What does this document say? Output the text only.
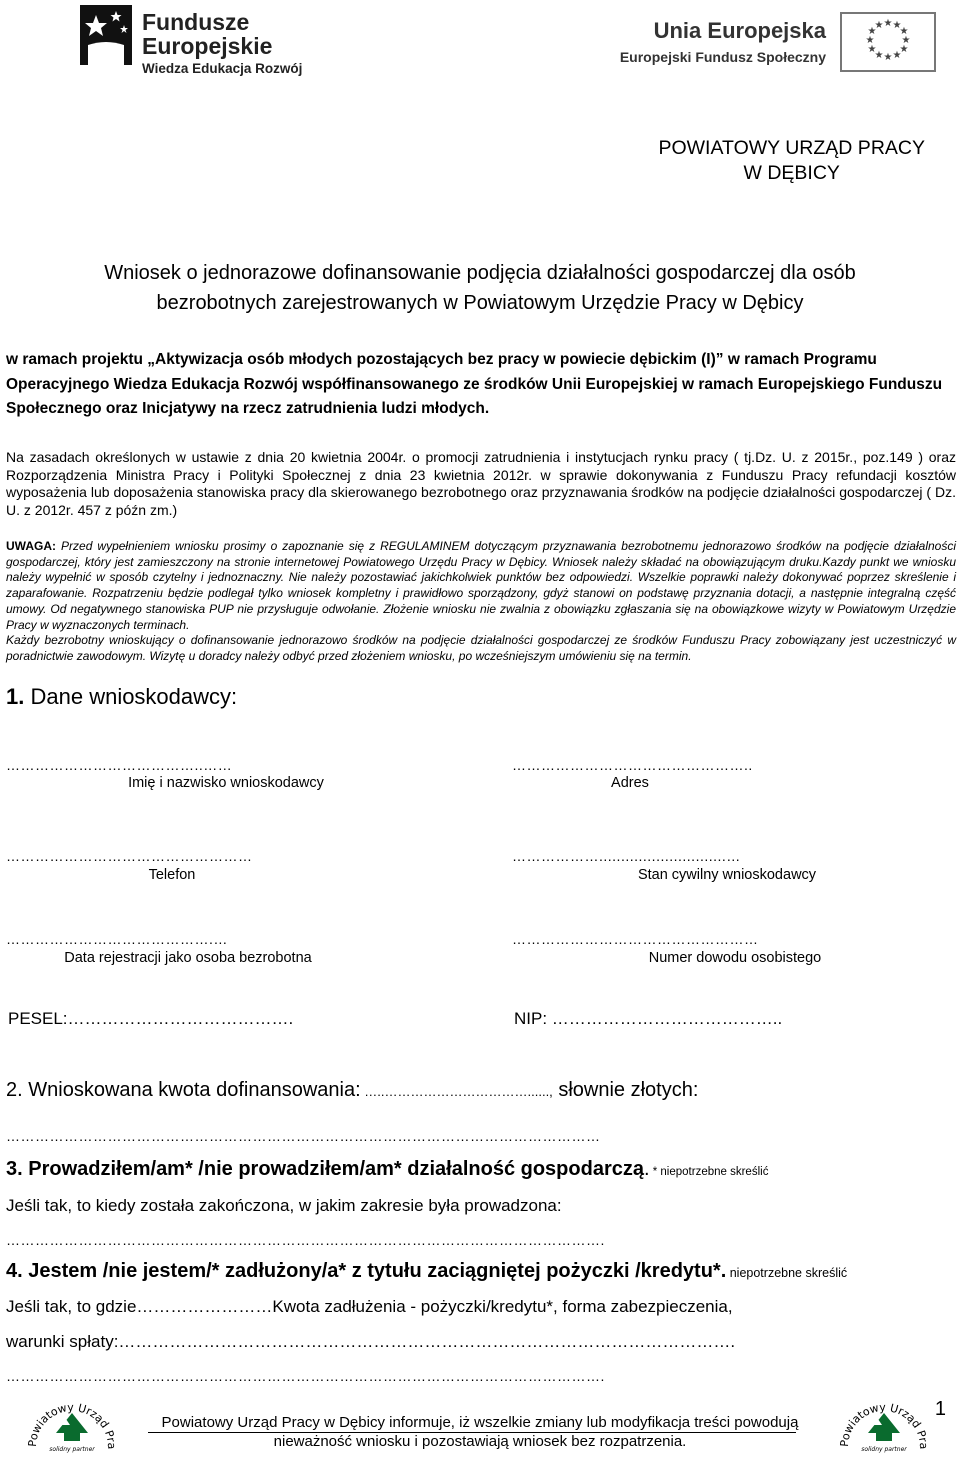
Fundusze
Europejskie
Wiedza Edukacja Rozwój
Unia Europejska
Europejski Fundusz Społeczny
★ ★
★
★
★
★
★
★
★
★
★
★
POWIATOWY URZĄD PRACY
W DĘBICY
Wniosek o jednorazowe dofinansowanie podjęcia działalności gospodarczej dla osób
bezrobotnych zarejestrowanych w Powiatowym Urzędzie Pracy w Dębicy
w ramach projektu „Aktywizacja osób młodych pozostających bez pracy w powiecie dębickim (I)” w ramach Programu Operacyjnego Wiedza Edukacja Rozwój współfinansowanego ze środków Unii Europejskiej w ramach Europejskiego Funduszu Społecznego oraz Inicjatywy na rzecz zatrudnienia ludzi młodych.
Na zasadach określonych w ustawie z dnia 20 kwietnia 2004r. o promocji zatrudnienia i instytucjach rynku pracy ( tj.Dz. U. z 2015r., poz.149 ) oraz Rozporządzenia Ministra Pracy i Polityki Społecznej z dnia 23 kwietnia 2012r. w sprawie dokonywania z Funduszu Pracy refundacji kosztów wyposażenia lub doposażenia stanowiska pracy dla skierowanego bezrobotnego oraz przyznawania środków na podjęcie działalności gospodarczej ( Dz. U. z 2012r. 457 z późn zm.)
UWAGA: Przed wypełnieniem wniosku prosimy o zapoznanie się z REGULAMINEM dotyczącym przyznawania bezrobotnemu jednorazowo środków na podjęcie działalności gospodarczej, który jest zamieszczony na stronie internetowej Powiatowego Urzędu Pracy w Dębicy. Wniosek należy składać na obowiązującym druku.Kazdy punkt we wniosku należy wypełnić w sposób czytelny i jednoznaczny. Nie należy pozostawiać jakichkolwiek punktów bez odpowiedzi. Wszelkie poprawki należy dokonywać poprzez skreślenie i zaparafowanie. Rozpatrzeniu będzie podlegał tylko wniosek kompletny i prawidłowo sporządzony, gdyż stanowi on podstawę przyznania dotacji, a następnie integralną część umowy. Od negatywnego stanowiska PUP nie przysługuje odwołanie. Złożenie wniosku nie zwalnia z obowiązku zgłaszania się na obowiązkowe wizyty w Powiatowym Urzędzie Pracy w wyznaczonych terminach.
Każdy bezrobotny wnioskujący o dofinansowanie jednorazowo środków na podjęcie działalności gospodarczej ze środków Funduszu Pracy zobowiązany jest uczestniczyć w poradnictwie zawodowym. Wizytę u doradcy należy odbyć przed złożeniem wniosku, po wcześniejszym umówieniu się na termin.
1. Dane wnioskodawcy:
…………………………………..……
Imię i nazwisko wnioskodawcy
…………………………………………..
Adres
……………………………………………
Telefon
……………….............................…
Stan cywilny wnioskodawcy
…………………………………….…
Data rejestracji jako osoba bezrobotna
……………………………………………
Numer dowodu osobistego
PESEL:………………………………….	NIP: …………………………………..
2. Wnioskowana kwota dofinansowania: …..……………………………......, słownie złotych:
……………………………………………………………………………………………………………
3. Prowadziłem/am* /nie prowadziłem/am* działalność gospodarczą. * niepotrzebne skreślić
Jeśli tak, to kiedy została zakończona, w jakim zakresie była prowadzona:
…………………………………………………………………………………………………………….
4. Jestem /nie jestem/* zadłużony/a* z tytułu zaciągniętej pożyczki /kredytu*. niepotrzebne skreślić
Jeśli tak, to gdzie……………………Kwota zadłużenia - pożyczki/kredytu*, forma zabezpieczenia,
warunki spłaty:……………………………………………………………………………………………….
…………………………………………………………………………………………………………….
Powiatowy Urząd Pra
solidny partner
Powiatowy Urząd Pra
solidny partner
Powiatowy Urząd Pracy w Dębicy informuje, iż wszelkie zmiany lub modyfikacja treści powodują
nieważność wniosku i pozostawiają wniosek bez rozpatrzenia.
1
